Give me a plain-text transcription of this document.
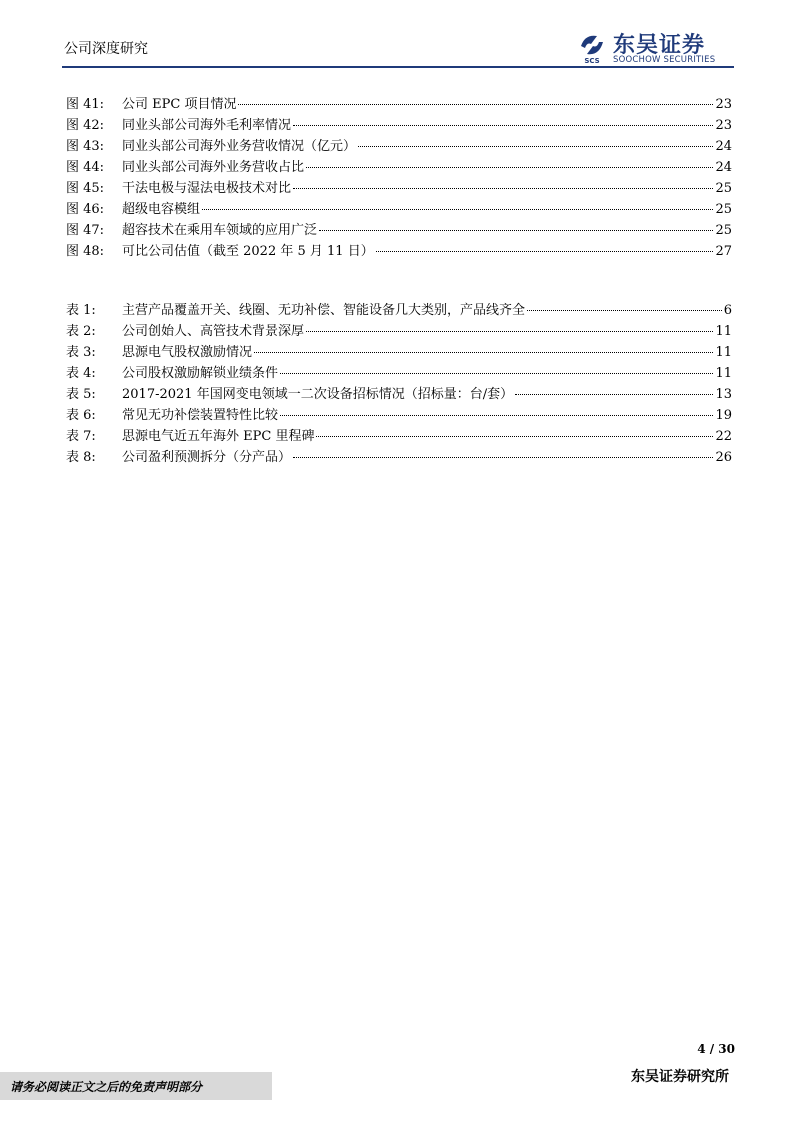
公司深度研究
SCS
东吴证券
SOOCHOW SECURITIES
图 41:	公司 EPC 项目情况	23
图 42:	同业头部公司海外毛利率情况	23
图 43:	同业头部公司海外业务营收情况（亿元）	24
图 44:	同业头部公司海外业务营收占比	24
图 45:	干法电极与湿法电极技术对比	25
图 46:	超级电容模组	25
图 47:	超容技术在乘用车领域的应用广泛	25
图 48:	可比公司估值（截至 2022 年 5 月 11 日）	27
表 1:	主营产品覆盖开关、线圈、无功补偿、智能设备几大类别，产品线齐全	6
表 2:	公司创始人、高管技术背景深厚	11
表 3:	思源电气股权激励情况	11
表 4:	公司股权激励解锁业绩条件	11
表 5:	2017-2021 年国网变电领域一二次设备招标情况（招标量：台/套）	13
表 6:	常见无功补偿装置特性比较	19
表 7:	思源电气近五年海外 EPC 里程碑	22
表 8:	公司盈利预测拆分（分产品）	26
4 / 30
请务必阅读正文之后的免责声明部分
东吴证券研究所
